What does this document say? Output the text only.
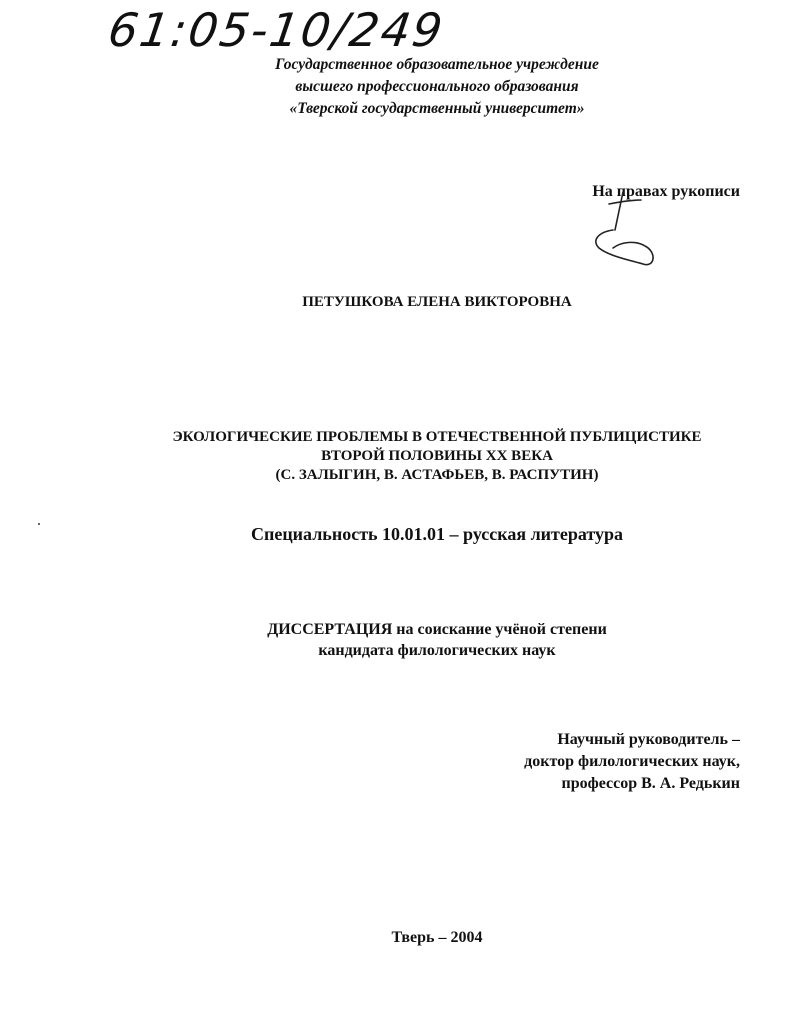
61:05-10/249
Государственное образовательное учреждение
высшего профессионального образования
«Тверской государственный университет»
На правах рукописи
ПЕТУШКОВА ЕЛЕНА ВИКТОРОВНА
ЭКОЛОГИЧЕСКИЕ ПРОБЛЕМЫ В ОТЕЧЕСТВЕННОЙ ПУБЛИЦИСТИКЕ
ВТОРОЙ ПОЛОВИНЫ XX ВЕКА
(С. ЗАЛЫГИН, В. АСТАФЬЕВ, В. РАСПУТИН)
Специальность 10.01.01 – русская литература
ДИССЕРТАЦИЯ на соискание учёной степени
кандидата филологических наук
Научный руководитель –
доктор филологических наук,
профессор В. А. Редькин
Тверь – 2004
